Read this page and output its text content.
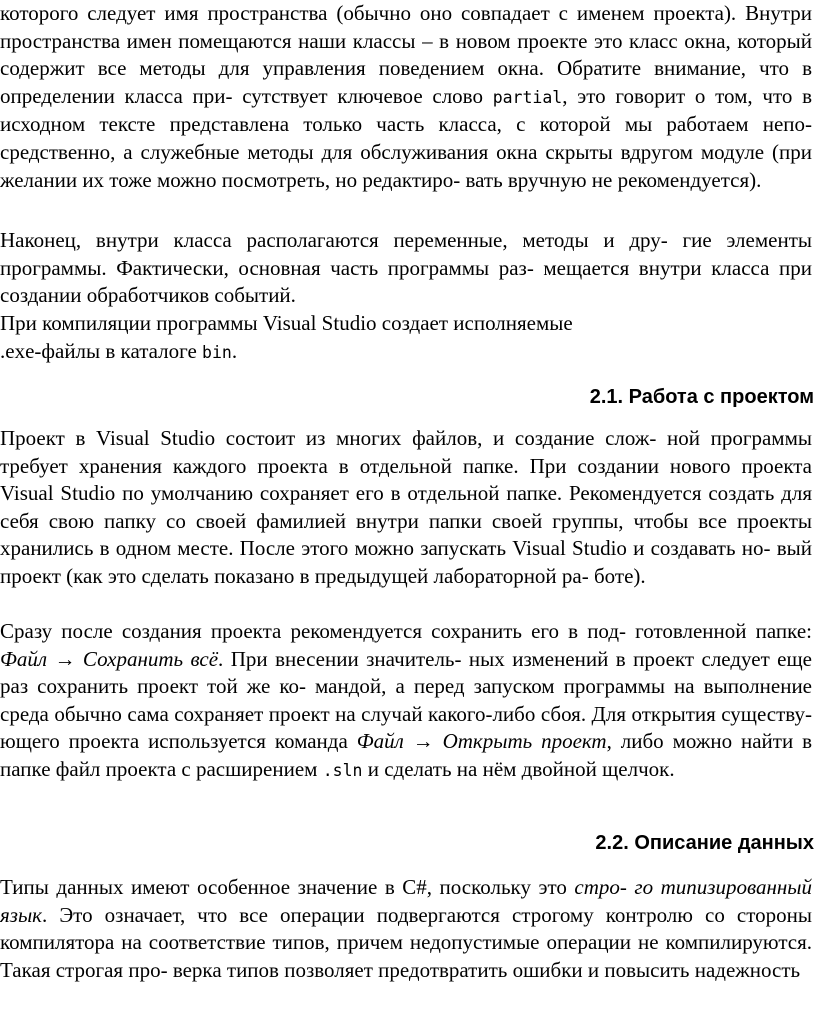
которого следует имя пространства (обычно оно совпадает с именем проекта). Внутри пространства имен помещаются наши классы – в новом проекте это класс окна, который содержит все методы для управления поведением окна. Обратите внимание, что в определении класса при- сутствует ключевое слово partial, это говорит о том, что в исходном тексте представлена только часть класса, с которой мы работаем непо- средственно, а служебные методы для обслуживания окна скрыты вдругом модуле (при желании их тоже можно посмотреть, но редактиро- вать вручную не рекомендуется).

Наконец, внутри класса располагаются переменные, методы и дру- гие элементы программы. Фактически, основная часть программы раз- мещается внутри класса при создании обработчиков событий.

При компиляции программы Visual Studio создает исполняемые
.exe-файлы в каталоге bin.

2.1. Работа с проектом

Проект в Visual Studio состоит из многих файлов, и создание слож- ной программы требует хранения каждого проекта в отдельной папке. При создании нового проекта Visual Studio по умолчанию сохраняет его в отдельной папке. Рекомендуется создать для себя свою папку со своей фамилией внутри папки своей группы, чтобы все проекты хранились в одном месте. После этого можно запускать Visual Studio и создавать но- вый проект (как это сделать показано в предыдущей лабораторной ра- боте).

Сразу после создания проекта рекомендуется сохранить его в под- готовленной папке: Файл → Сохранить всё. При внесении значитель- ных изменений в проект следует еще раз сохранить проект той же ко- мандой, а перед запуском программы на выполнение среда обычно сама сохраняет проект на случай какого-либо сбоя. Для открытия существу- ющего проекта используется команда Файл → Открыть проект, либо можно найти в папке файл проекта с расширением .sln и сделать на нём двойной щелчок.

2.2. Описание данных

Типы данных имеют особенное значение в C#, поскольку это стро- го типизированный язык. Это означает, что все операции подвергаются строгому контролю со стороны компилятора на соответствие типов, причем недопустимые операции не компилируются. Такая строгая про- верка типов позволяет предотвратить ошибки и повысить надежность
